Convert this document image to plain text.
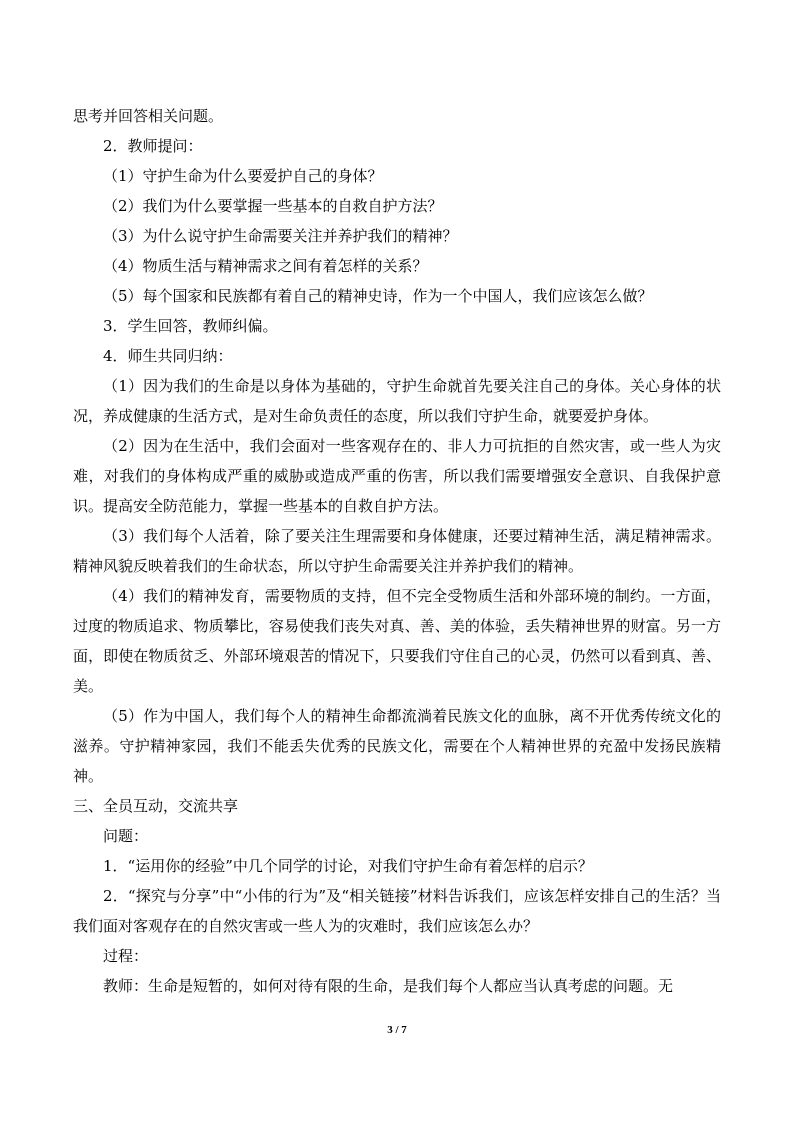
思考并回答相关问题。

2．教师提问：

（1）守护生命为什么要爱护自己的身体？

（2）我们为什么要掌握一些基本的自救自护方法？

（3）为什么说守护生命需要关注并养护我们的精神？

（4）物质生活与精神需求之间有着怎样的关系？

（5）每个国家和民族都有着自己的精神史诗，作为一个中国人，我们应该怎么做？

3．学生回答，教师纠偏。

4．师生共同归纳：

（1）因为我们的生命是以身体为基础的，守护生命就首先要关注自己的身体。关心身体的状况，养成健康的生活方式，是对生命负责任的态度，所以我们守护生命，就要爱护身体。

（2）因为在生活中，我们会面对一些客观存在的、非人力可抗拒的自然灾害，或一些人为灾难，对我们的身体构成严重的威胁或造成严重的伤害，所以我们需要增强安全意识、自我保护意识。提高安全防范能力，掌握一些基本的自救自护方法。

（3）我们每个人活着，除了要关注生理需要和身体健康，还要过精神生活，满足精神需求。精神风貌反映着我们的生命状态，所以守护生命需要关注并养护我们的精神。

（4）我们的精神发育，需要物质的支持，但不完全受物质生活和外部环境的制约。一方面，过度的物质追求、物质攀比，容易使我们丧失对真、善、美的体验，丢失精神世界的财富。另一方面，即使在物质贫乏、外部环境艰苦的情况下，只要我们守住自己的心灵，仍然可以看到真、善、美。

（5）作为中国人，我们每个人的精神生命都流淌着民族文化的血脉，离不开优秀传统文化的滋养。守护精神家园，我们不能丢失优秀的民族文化，需要在个人精神世界的充盈中发扬民族精神。

三、全员互动，交流共享

问题：

1．“运用你的经验”中几个同学的讨论，对我们守护生命有着怎样的启示？

2．“探究与分享”中“小伟的行为”及“相关链接”材料告诉我们，应该怎样安排自己的生活？当我们面对客观存在的自然灾害或一些人为的灾难时，我们应该怎么办？

过程：

教师：生命是短暂的，如何对待有限的生命，是我们每个人都应当认真考虑的问题。无

3 / 7
